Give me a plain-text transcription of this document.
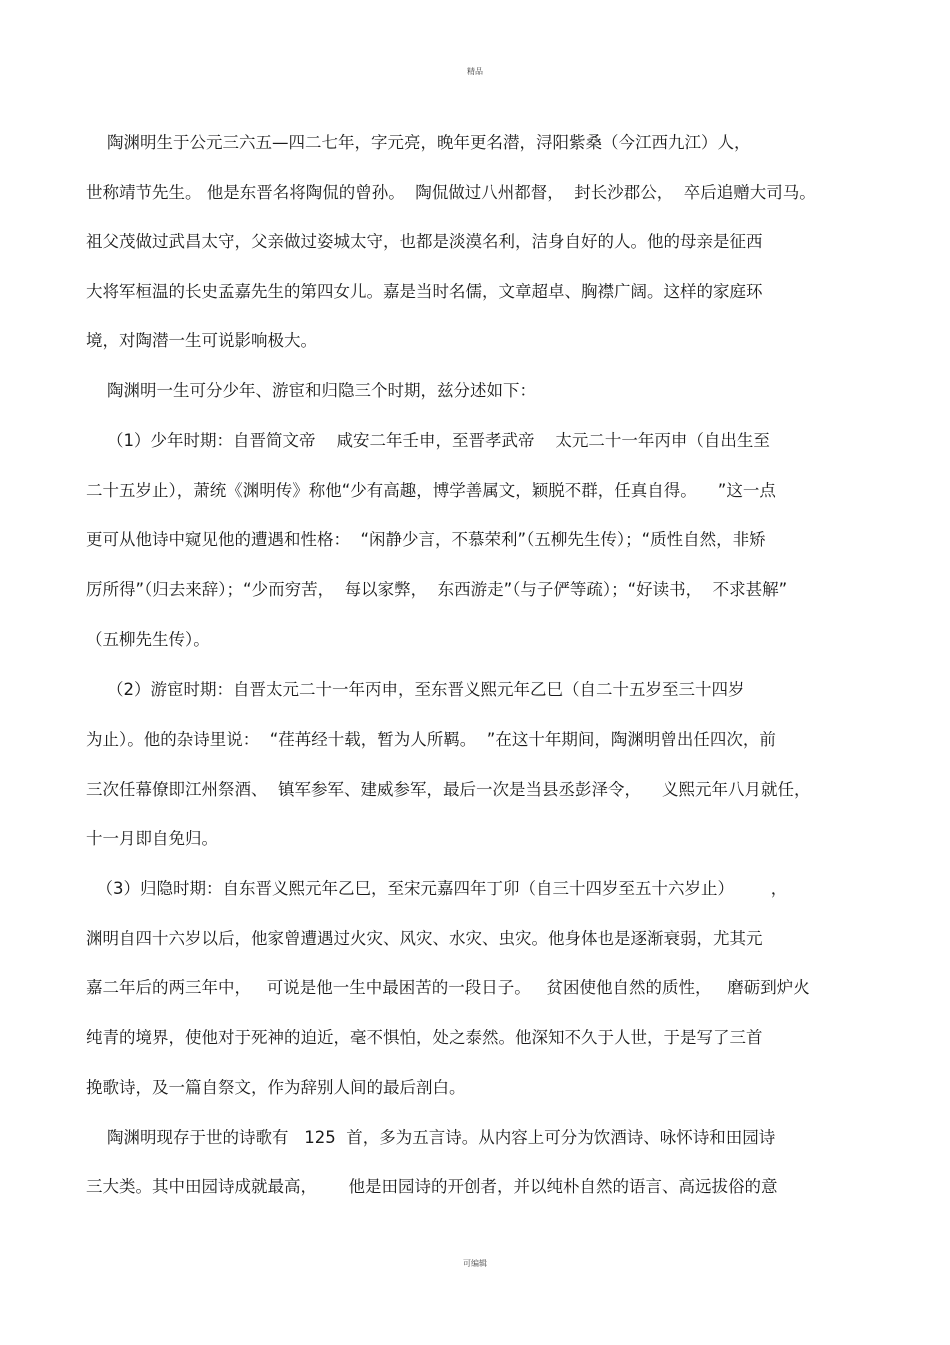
精品
陶渊明生于公元三六五—四二七年，字元亮，晚年更名潜，浔阳紫桑（今江西九江）人，
世称靖节先生。 他是东晋名将陶侃的曾孙。  陶侃做过八州都督，  封长沙郡公，  卒后追赠大司马。
祖父茂做过武昌太守，父亲做过姿城太守，也都是淡漠名利，洁身自好的人。他的母亲是征西
大将军桓温的长史孟嘉先生的第四女儿。嘉是当时名儒，文章超卓、胸襟广阔。这样的家庭环
境，对陶潜一生可说影响极大。
陶渊明一生可分少年、游宦和归隐三个时期，兹分述如下：
（1）少年时期：自晋简文帝    咸安二年壬申，至晋孝武帝    太元二十一年丙申（自出生至
二十五岁止），萧统《渊明传》称他“少有高趣，博学善属文，颖脱不群，任真自得。    ”这一点
更可从他诗中窥见他的遭遇和性格：  “闲静少言，不慕荣利”（五柳先生传）；“质性自然，非矫
厉所得”（归去来辞）；“少而穷苦，  每以家弊，  东西游走”（与子俨等疏）；“好读书，  不求甚解”
（五柳先生传）。
（2）游宦时期：自晋太元二十一年丙申，至东晋义熙元年乙巳（自二十五岁至三十四岁
为止）。他的杂诗里说：  “荏苒经十载，暂为人所羁。  ”在这十年期间，陶渊明曾出任四次，前
三次任幕僚即江州祭酒、  镇军参军、建威参军，最后一次是当县丞彭泽令，    义熙元年八月就任，
十一月即自免归。
（3）归隐时期：自东晋义熙元年乙巳，至宋元嘉四年丁卯（自三十四岁至五十六岁止）       ，
渊明自四十六岁以后，他家曾遭遇过火灾、风灾、水灾、虫灾。他身体也是逐渐衰弱，尤其元
嘉二年后的两三年中，   可说是他一生中最困苦的一段日子。   贫困使他自然的质性，   磨砺到炉火
纯青的境界，使他对于死神的迫近，毫不惧怕，处之泰然。他深知不久于人世，于是写了三首
挽歌诗，及一篇自祭文，作为辞别人间的最后剖白。
陶渊明现存于世的诗歌有   125  首，多为五言诗。从内容上可分为饮酒诗、咏怀诗和田园诗
三大类。其中田园诗成就最高，      他是田园诗的开创者，并以纯朴自然的语言、高远拔俗的意
可编辑
